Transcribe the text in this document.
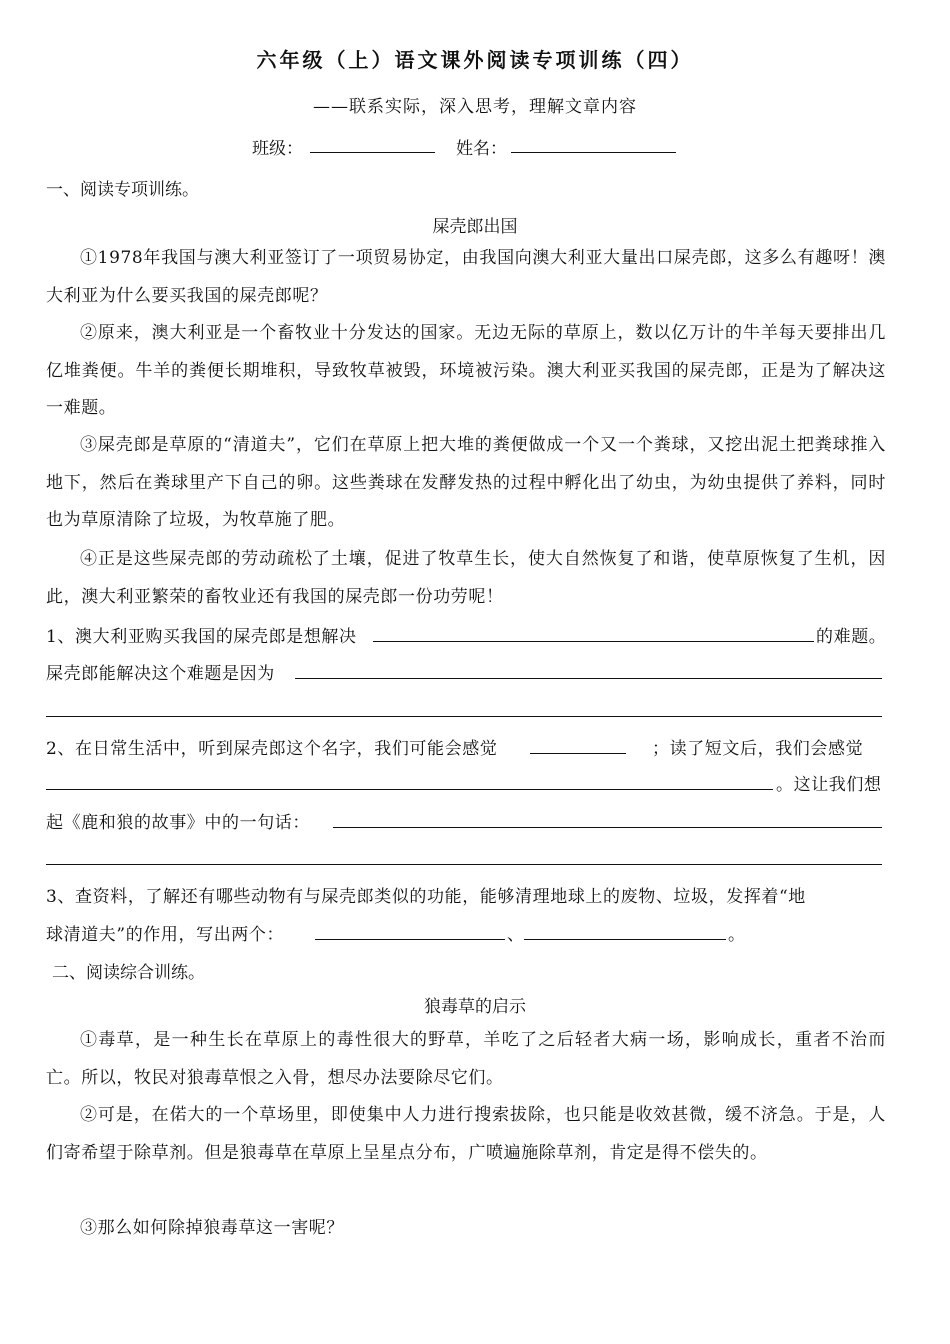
六年级（上）语文课外阅读专项训练（四）
——联系实际，深入思考，理解文章内容
班级：	姓名：
一、阅读专项训练。
屎壳郎出国
①1978年我国与澳大利亚签订了一项贸易协定，由我国向澳大利亚大量出口屎壳郎，这多么有趣呀！澳大利亚为什么要买我国的屎壳郎呢？
②原来，澳大利亚是一个畜牧业十分发达的国家。无边无际的草原上，数以亿万计的牛羊每天要排出几亿堆粪便。牛羊的粪便长期堆积，导致牧草被毁，环境被污染。澳大利亚买我国的屎壳郎，正是为了解决这一难题。
③屎壳郎是草原的“清道夫”，它们在草原上把大堆的粪便做成一个又一个粪球，又挖出泥土把粪球推入地下，然后在粪球里产下自己的卵。这些粪球在发酵发热的过程中孵化出了幼虫，为幼虫提供了养料，同时也为草原清除了垃圾，为牧草施了肥。
④正是这些屎壳郎的劳动疏松了土壤，促进了牧草生长，使大自然恢复了和谐，使草原恢复了生机，因此，澳大利亚繁荣的畜牧业还有我国的屎壳郎一份功劳呢！
1、澳大利亚购买我国的屎壳郎是想解决	的难题。
屎壳郎能解决这个难题是因为
2、在日常生活中，听到屎壳郎这个名字，我们可能会感觉	；读了短文后，我们会感觉
。这让我们想
起《鹿和狼的故事》中的一句话：
3、查资料，了解还有哪些动物有与屎壳郎类似的功能，能够清理地球上的废物、垃圾，发挥着“地
球清道夫”的作用，写出两个：	、	。
二、阅读综合训练。
狼毒草的启示
①毒草，是一种生长在草原上的毒性很大的野草，羊吃了之后轻者大病一场，影响成长，重者不治而亡。所以，牧民对狼毒草恨之入骨，想尽办法要除尽它们。
②可是，在偌大的一个草场里，即使集中人力进行搜索拔除，也只能是收效甚微，缓不济急。于是，人们寄希望于除草剂。但是狼毒草在草原上呈星点分布，广喷遍施除草剂，肯定是得不偿失的。
③那么如何除掉狼毒草这一害呢？
